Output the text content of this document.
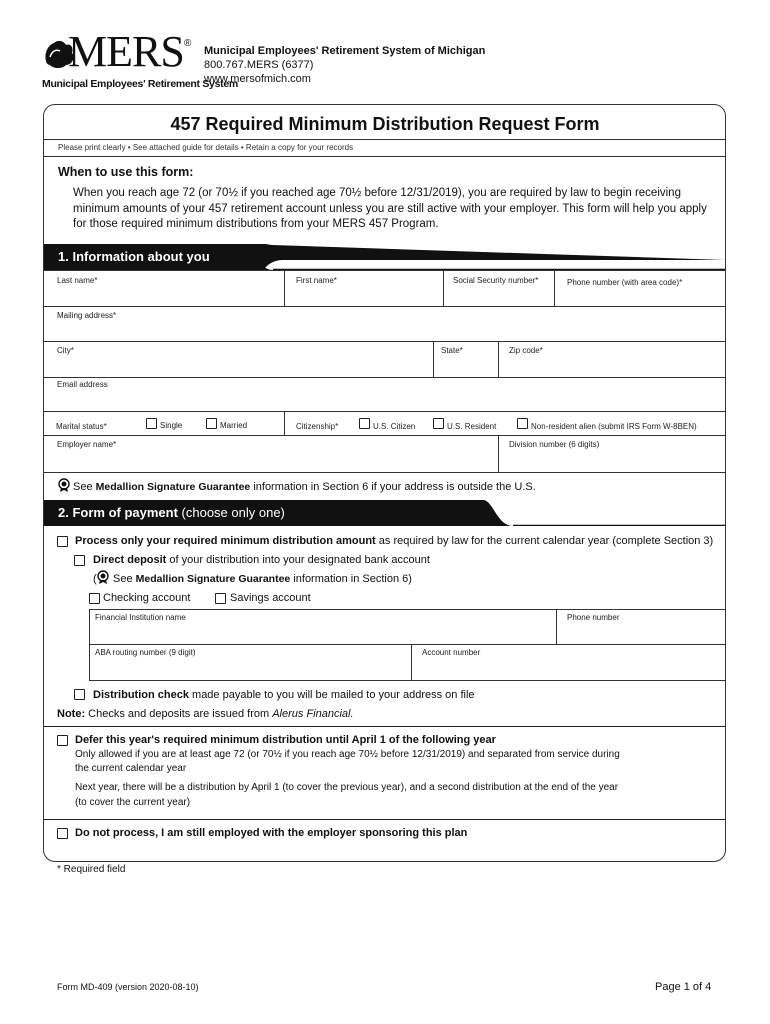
MERS ®
Municipal Employees' Retirement System
Municipal Employees' Retirement System of Michigan
800.767.MERS (6377)
www.mersofmich.com
457 Required Minimum Distribution Request Form
Please print clearly • See attached guide for details • Retain a copy for your records
When to use this form:
When you reach age 72 (or 70½ if you reached age 70½ before 12/31/2019), you are required by law to begin receiving minimum amounts of your 457 retirement account unless you are still active with your employer. This form will help you apply for those required minimum distributions from your MERS 457 Program.
1. Information about you
Last name*	First name*	Social Security number*	Phone number (with area code)*
Mailing address*
City*	State*	Zip code*
Email address
Marital status*	Single	Married	Citizenship*	U.S. Citizen	U.S. Resident	Non-resident alien (submit IRS Form W-8BEN)
Employer name*	Division number (6 digits)
See Medallion Signature Guarantee information in Section 6 if your address is outside the U.S.
2. Form of payment (choose only one)
Process only your required minimum distribution amount as required by law for the current calendar year (complete Section 3)
Direct deposit of your distribution into your designated bank account
( See Medallion Signature Guarantee information in Section 6)
Checking account	Savings account
Financial Institution name	Phone number
ABA routing number (9 digit)	Account number
Distribution check made payable to you will be mailed to your address on file
Note: Checks and deposits are issued from Alerus Financial.
Defer this year's required minimum distribution until April 1 of the following year
Only allowed if you are at least age 72 (or 70½ if you reach age 70½ before 12/31/2019) and separated from service during
the current calendar year
Next year, there will be a distribution by April 1 (to cover the previous year), and a second distribution at the end of the year
(to cover the current year)
Do not process, I am still employed with the employer sponsoring this plan
* Required field
Form MD-409 (version 2020-08-10)	Page 1 of 4
